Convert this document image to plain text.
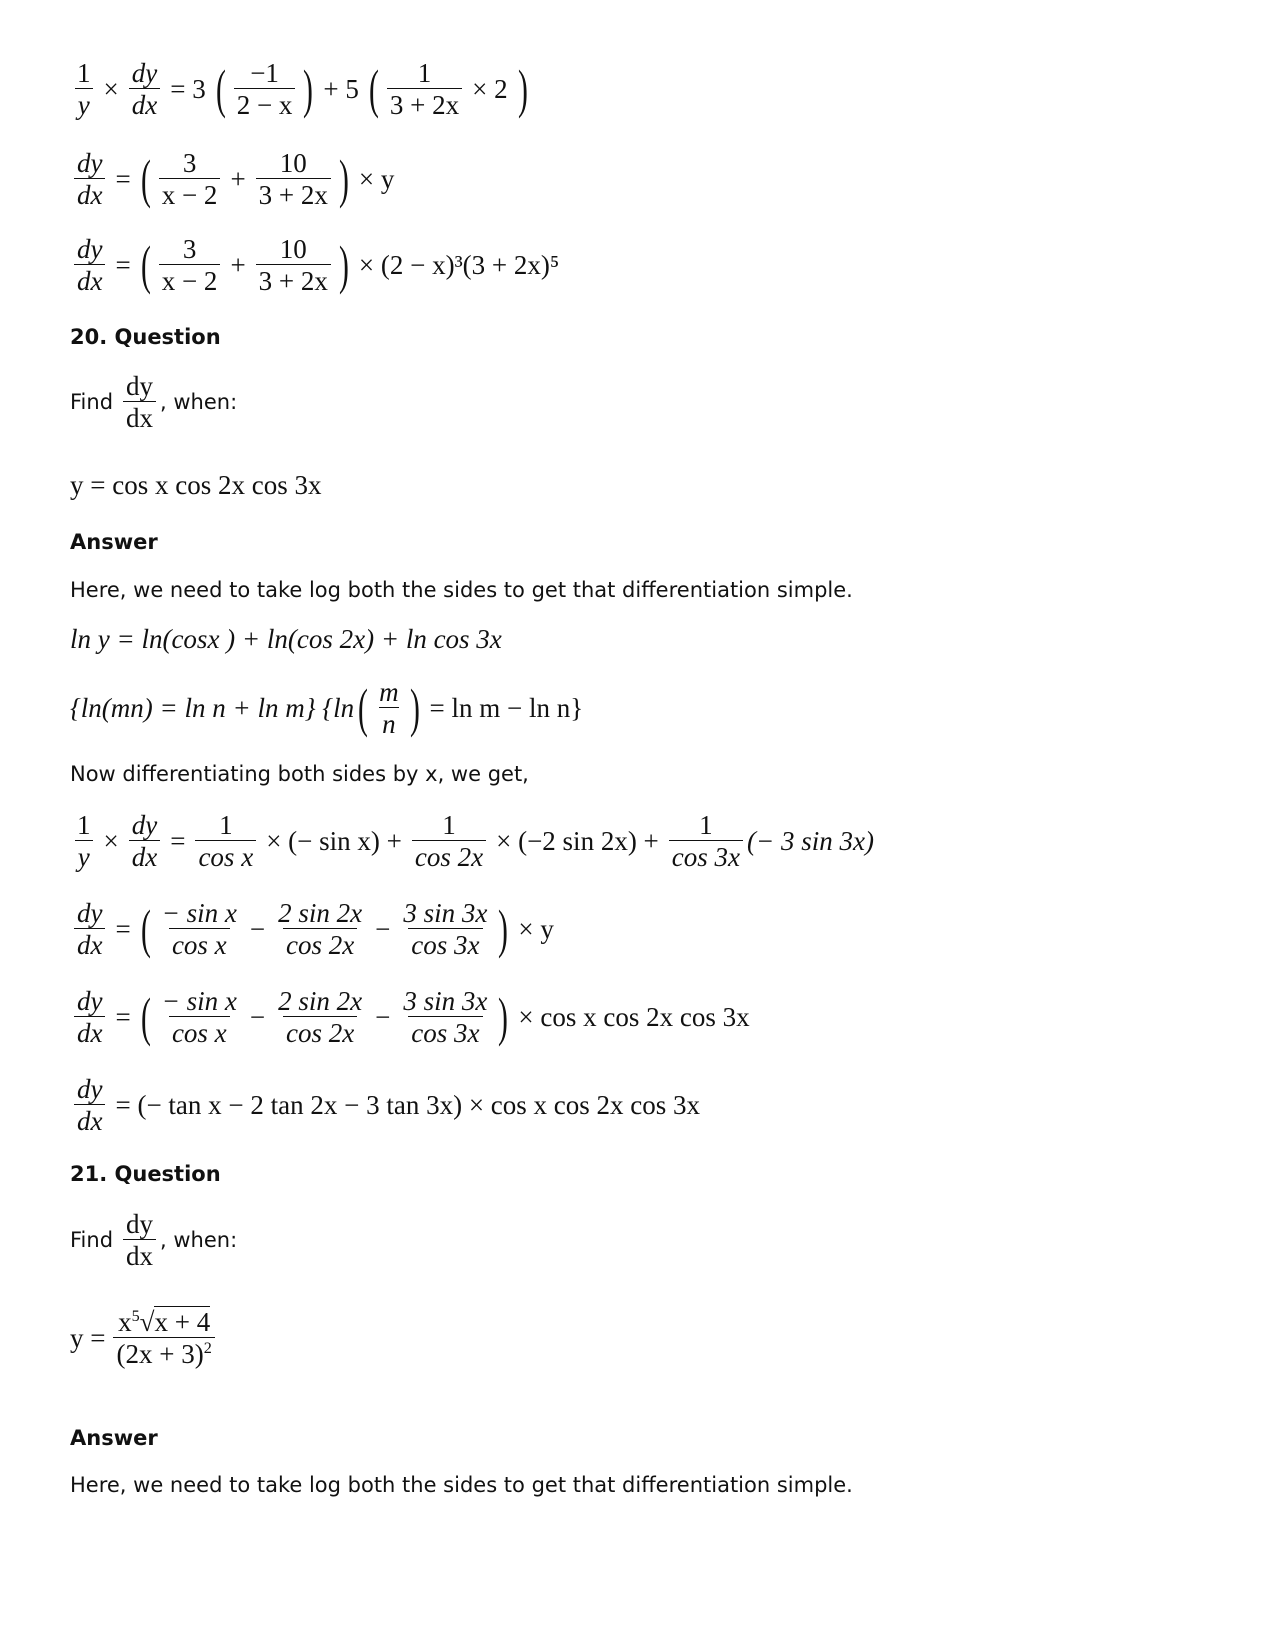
$\frac{1}{y} \times \frac{dy}{dx} = 3$ ( $\frac{-1}{2 - x}$ ) + 5 ( $\frac{1}{3 + 2x} \times 2$ )
$\frac{dy}{dx}$ = ( $\frac{3}{x - 2} + \frac{10}{3 + 2x}$ ) × y
$\frac{dy}{dx}$ = ( $\frac{3}{x - 2} + \frac{10}{3 + 2x}$ ) × (2 − x)³(3 + 2x)⁵
20. Question
Find $\frac{dy}{dx}$ , when:
y = cos x cos 2x cos 3x
Answer
Here, we need to take log both the sides to get that differentiation simple.
ln y = ln(cosx ) + ln(cos 2x) + ln cos 3x
{ln(mn) = ln n + ln m} {ln ( $\frac{m}{n}$ ) = ln m − ln n}
Now differentiating both sides by x, we get,
$\frac{1}{y} \times \frac{dy}{dx} = \frac{1}{\text{cos x}}$ × (− $\sin x) + \frac{1}{\cos 2x} \times (-2$ $\sin 2x) + \frac{1}{\cos 3x}$ (− 3 sin 3x)
$\frac{dy}{dx}$ = ( $\frac{\text{− sin x}}{\text{cos x}} - \frac{2 \sin 2x}{\cos 2x} - \frac{3 \sin 3x}{\cos 3x}$ ) × y
$\frac{dy}{dx}$ = ( $\frac{\text{− sin x}}{\text{cos x}} - \frac{2 \sin 2x}{\cos 2x} - \frac{3 \sin 3x}{\cos 3x}$ ) × cos x cos 2x cos 3x
$\frac{dy}{dx}$ = (− tan x − 2 tan 2x − 3 tan 3x) × cos x cos 2x cos 3x
21. Question
Find $\frac{dy}{dx}$ , when:
$y = \frac{x^5√x + 4}{(2x + 3)^2}$
Answer
Here, we need to take log both the sides to get that differentiation simple.
